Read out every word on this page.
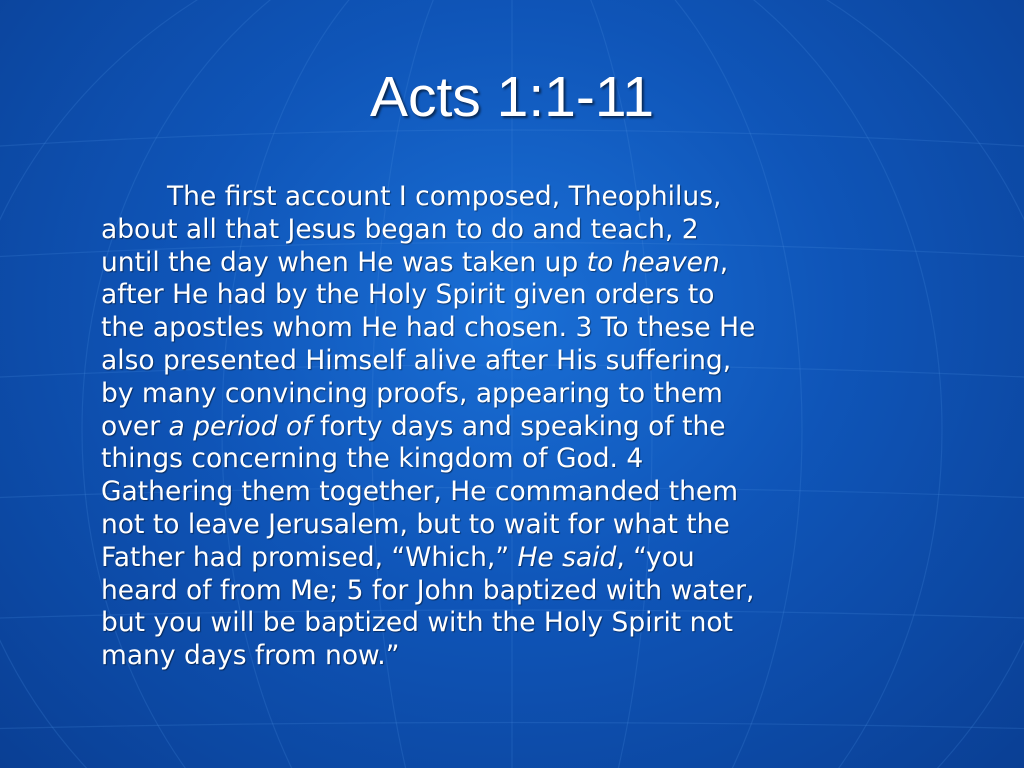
Acts 1:1-11
The first account I composed, Theophilus,
about all that Jesus began to do and teach, 2
until the day when He was taken up to heaven,
after He had by the Holy Spirit given orders to
the apostles whom He had chosen. 3 To these He
also presented Himself alive after His suffering,
by many convincing proofs, appearing to them
over a period of forty days and speaking of the
things concerning the kingdom of God. 4
Gathering them together, He commanded them
not to leave Jerusalem, but to wait for what the
Father had promised, “Which,” He said, “you
heard of from Me; 5 for John baptized with water,
but you will be baptized with the Holy Spirit not
many days from now.”
